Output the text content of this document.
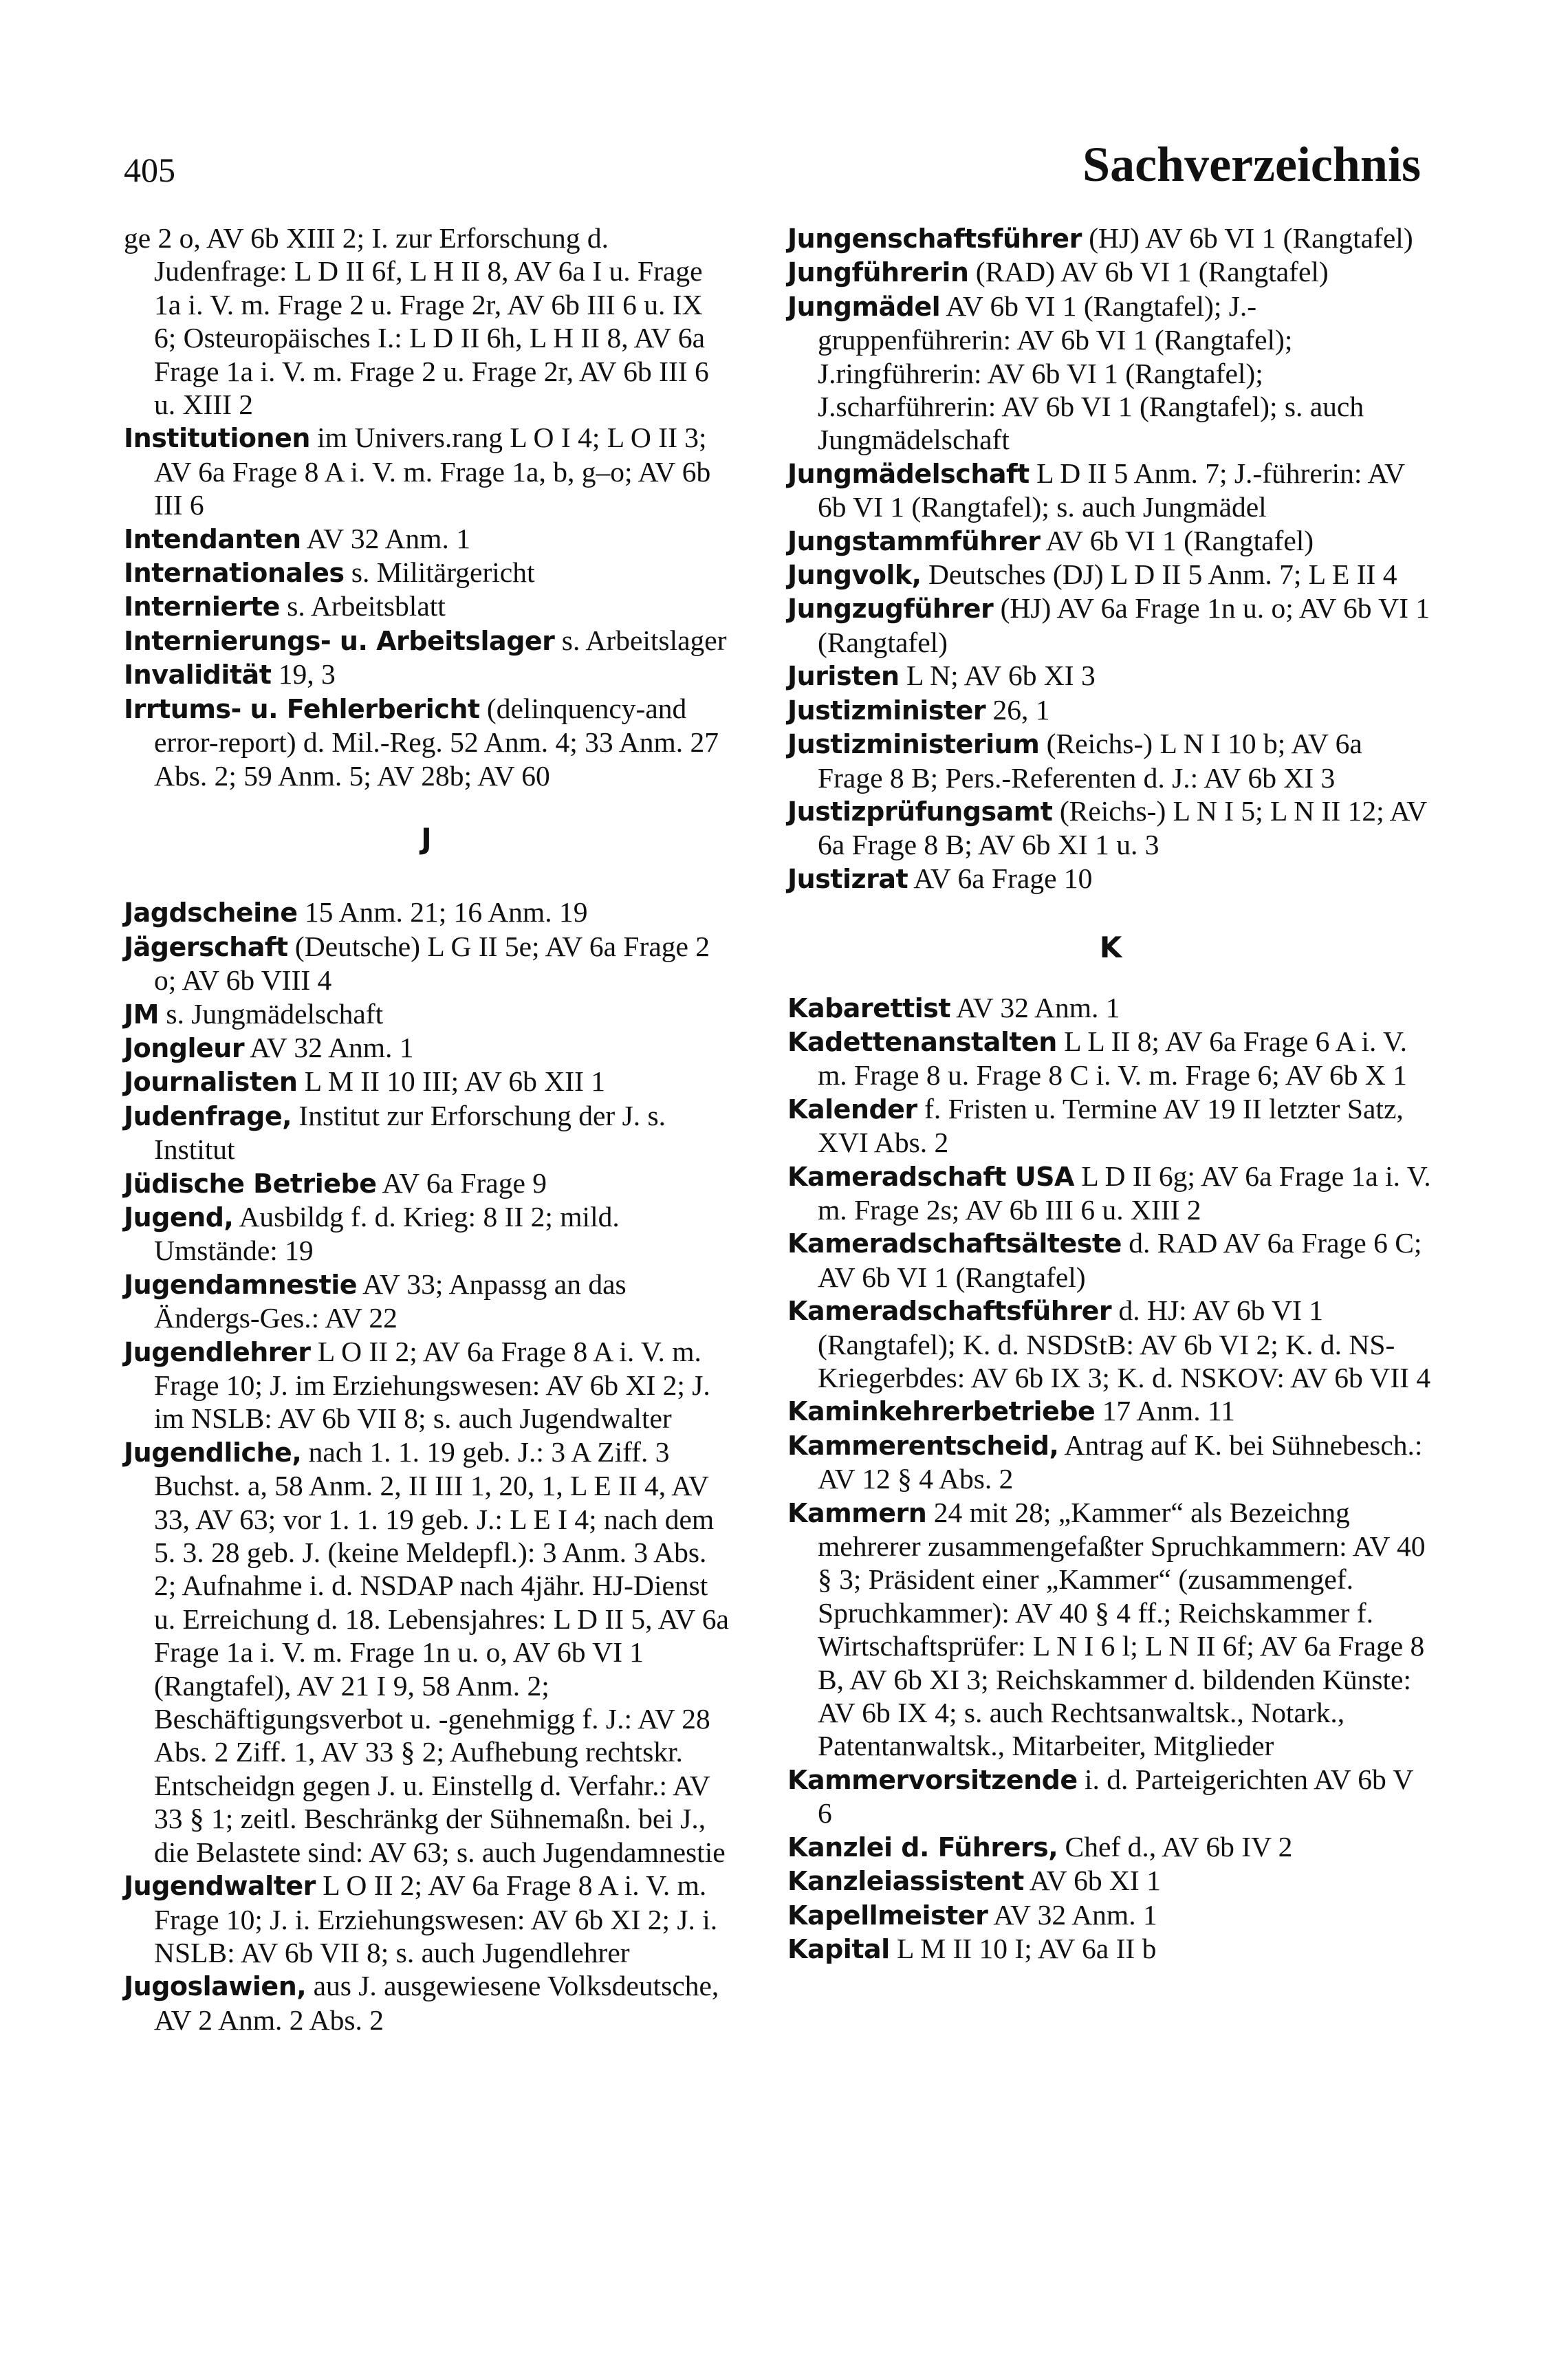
405	Sachverzeichnis

ge 2 o, AV 6b XIII 2; I. zur Erforschung d. Judenfrage: L D II 6f, L H II 8, AV 6a I u. Frage 1a i. V. m. Frage 2 u. Frage 2r, AV 6b III 6 u. IX 6; Osteuropäisches I.: L D II 6h, L H II 8, AV 6a Frage 1a i. V. m. Frage 2 u. Frage 2r, AV 6b III 6 u. XIII 2

Institutionen im Univers.rang L O I 4; L O II 3; AV 6a Frage 8 A i. V. m. Frage 1a, b, g–o; AV 6b III 6

Intendanten AV 32 Anm. 1

Internationales s. Militärgericht

Internierte s. Arbeitsblatt

Internierungs- u. Arbeitslager s. Arbeitslager

Invalidität 19, 3

Irrtums- u. Fehlerbericht (delinquency-and error-report) d. Mil.-Reg. 52 Anm. 4; 33 Anm. 27 Abs. 2; 59 Anm. 5; AV 28b; AV 60

J

Jagdscheine 15 Anm. 21; 16 Anm. 19

Jägerschaft (Deutsche) L G II 5e; AV 6a Frage 2 o; AV 6b VIII 4

JM s. Jungmädelschaft

Jongleur AV 32 Anm. 1

Journalisten L M II 10 III; AV 6b XII 1

Judenfrage, Institut zur Erforschung der J. s. Institut

Jüdische Betriebe AV 6a Frage 9

Jugend, Ausbildg f. d. Krieg: 8 II 2; mild. Umstände: 19

Jugendamnestie AV 33; Anpassg an das Ändergs-Ges.: AV 22

Jugendlehrer L O II 2; AV 6a Frage 8 A i. V. m. Frage 10; J. im Erziehungswesen: AV 6b XI 2; J. im NSLB: AV 6b VII 8; s. auch Jugendwalter

Jugendliche, nach 1. 1. 19 geb. J.: 3 A Ziff. 3 Buchst. a, 58 Anm. 2, II III 1, 20, 1, L E II 4, AV 33, AV 63; vor 1. 1. 19 geb. J.: L E I 4; nach dem 5. 3. 28 geb. J. (keine Meldepfl.): 3 Anm. 3 Abs. 2; Aufnahme i. d. NSDAP nach 4jähr. HJ-Dienst u. Erreichung d. 18. Lebensjahres: L D II 5, AV 6a Frage 1a i. V. m. Frage 1n u. o, AV 6b VI 1 (Rangtafel), AV 21 I 9, 58 Anm. 2; Beschäftigungsverbot u. -genehmigg f. J.: AV 28 Abs. 2 Ziff. 1, AV 33 § 2; Aufhebung rechtskr. Entscheidgn gegen J. u. Einstellg d. Verfahr.: AV 33 § 1; zeitl. Beschränkg der Sühnemaßn. bei J., die Belastete sind: AV 63; s. auch Jugendamnestie

Jugendwalter L O II 2; AV 6a Frage 8 A i. V. m. Frage 10; J. i. Erziehungswesen: AV 6b XI 2; J. i. NSLB: AV 6b VII 8; s. auch Jugendlehrer

Jugoslawien, aus J. ausgewiesene Volksdeutsche, AV 2 Anm. 2 Abs. 2

Jungenschaftsführer (HJ) AV 6b VI 1 (Rangtafel)

Jungführerin (RAD) AV 6b VI 1 (Rangtafel)

Jungmädel AV 6b VI 1 (Rangtafel); J.-gruppenführerin: AV 6b VI 1 (Rangtafel); J.ringführerin: AV 6b VI 1 (Rangtafel); J.scharführerin: AV 6b VI 1 (Rangtafel); s. auch Jungmädelschaft

Jungmädelschaft L D II 5 Anm. 7; J.-führerin: AV 6b VI 1 (Rangtafel); s. auch Jungmädel

Jungstammführer AV 6b VI 1 (Rangtafel)

Jungvolk, Deutsches (DJ) L D II 5 Anm. 7; L E II 4

Jungzugführer (HJ) AV 6a Frage 1n u. o; AV 6b VI 1 (Rangtafel)

Juristen L N; AV 6b XI 3

Justizminister 26, 1

Justizministerium (Reichs-) L N I 10 b; AV 6a Frage 8 B; Pers.-Referenten d. J.: AV 6b XI 3

Justizprüfungsamt (Reichs-) L N I 5; L N II 12; AV 6a Frage 8 B; AV 6b XI 1 u. 3

Justizrat AV 6a Frage 10

K

Kabarettist AV 32 Anm. 1

Kadettenanstalten L L II 8; AV 6a Frage 6 A i. V. m. Frage 8 u. Frage 8 C i. V. m. Frage 6; AV 6b X 1

Kalender f. Fristen u. Termine AV 19 II letzter Satz, XVI Abs. 2

Kameradschaft USA L D II 6g; AV 6a Frage 1a i. V. m. Frage 2s; AV 6b III 6 u. XIII 2

Kameradschaftsälteste d. RAD AV 6a Frage 6 C; AV 6b VI 1 (Rangtafel)

Kameradschaftsführer d. HJ: AV 6b VI 1 (Rangtafel); K. d. NSDStB: AV 6b VI 2; K. d. NS-Kriegerbdes: AV 6b IX 3; K. d. NSKOV: AV 6b VII 4

Kaminkehrerbetriebe 17 Anm. 11

Kammerentscheid, Antrag auf K. bei Sühnebesch.: AV 12 § 4 Abs. 2

Kammern 24 mit 28; „Kammer“ als Bezeichng mehrerer zusammengefaßter Spruchkammern: AV 40 § 3; Präsident einer „Kammer“ (zusammengef. Spruchkammer): AV 40 § 4 ff.; Reichskammer f. Wirtschaftsprüfer: L N I 6 l; L N II 6f; AV 6a Frage 8 B, AV 6b XI 3; Reichskammer d. bildenden Künste: AV 6b IX 4; s. auch Rechtsanwaltsk., Notark., Patentanwaltsk., Mitarbeiter, Mitglieder

Kammervorsitzende i. d. Parteigerichten AV 6b V 6

Kanzlei d. Führers, Chef d., AV 6b IV 2

Kanzleiassistent AV 6b XI 1

Kapellmeister AV 32 Anm. 1

Kapital L M II 10 I; AV 6a II b
